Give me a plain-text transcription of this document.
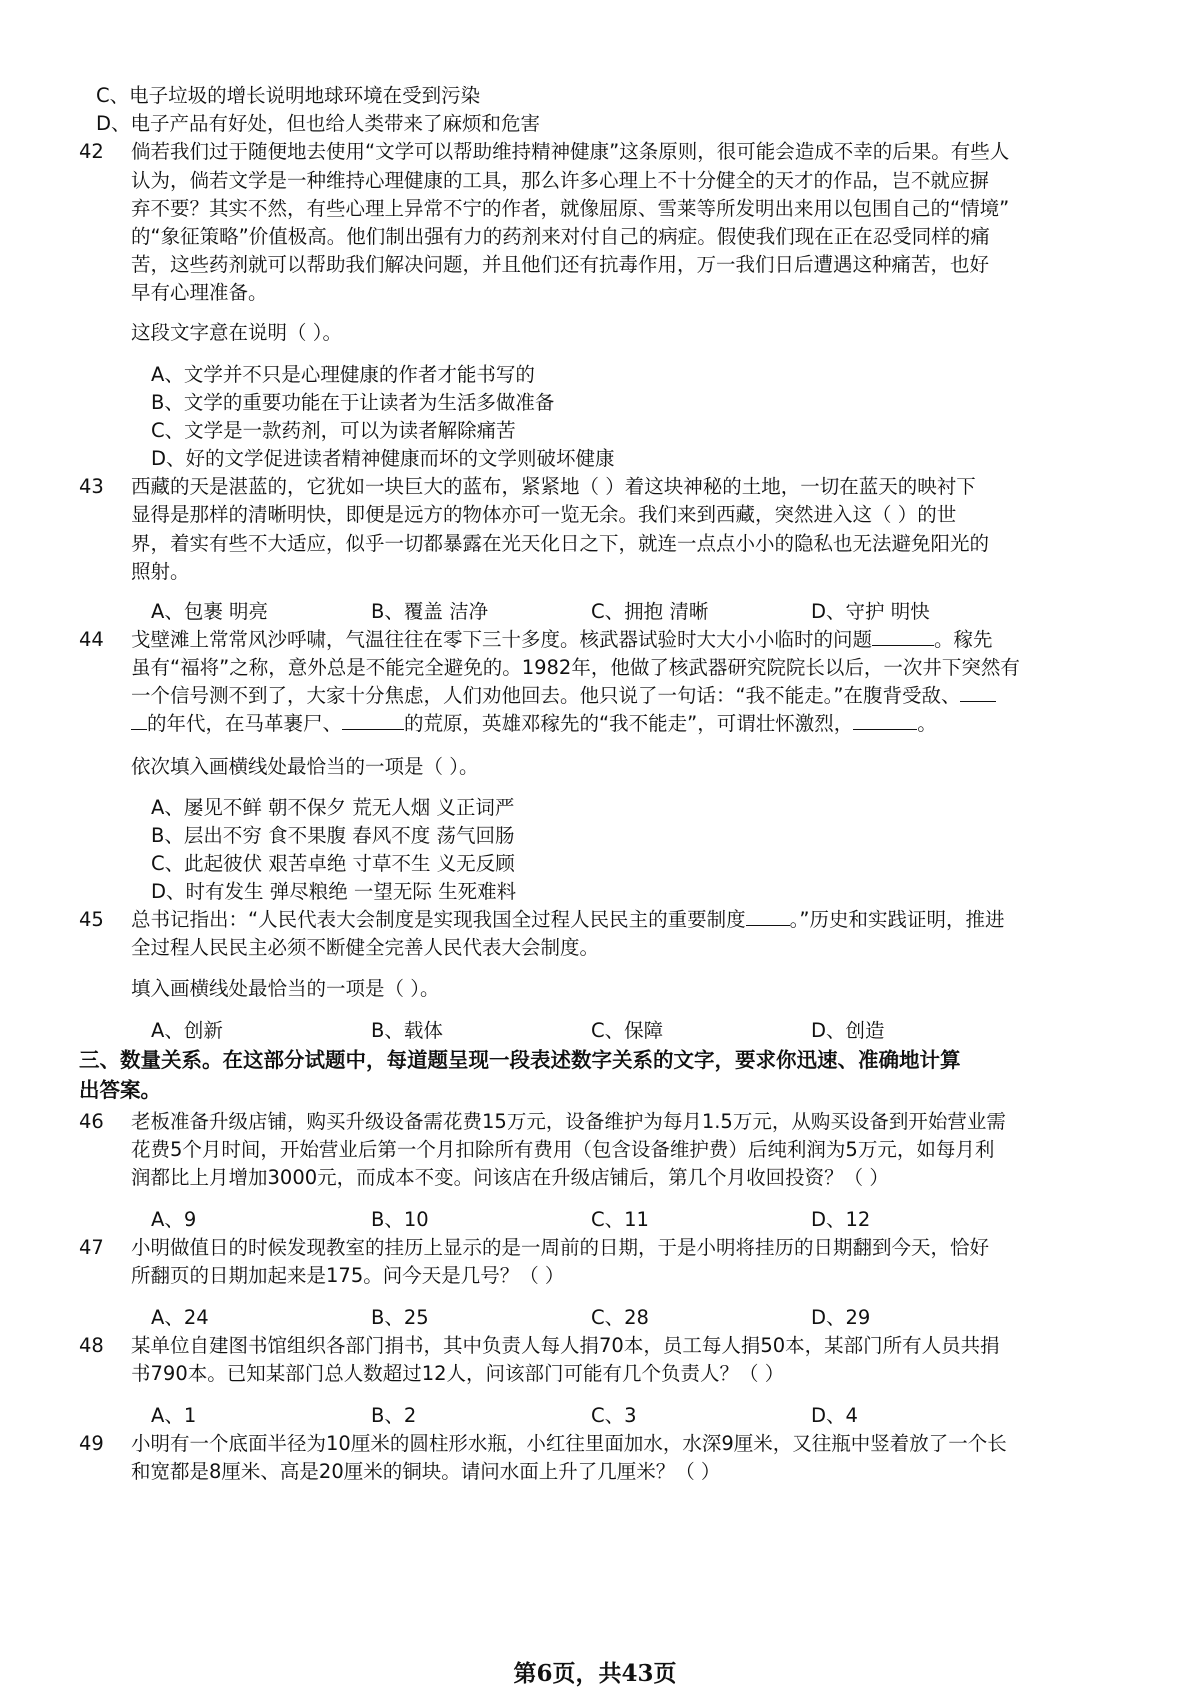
C、电子垃圾的增长说明地球环境在受到污染
D、电子产品有好处，但也给人类带来了麻烦和危害
42 倘若我们过于随便地去使用“文学可以帮助维持精神健康”这条原则，很可能会造成不幸的后果。有些人
认为，倘若文学是一种维持心理健康的工具，那么许多心理上不十分健全的天才的作品，岂不就应摒
弃不要？其实不然，有些心理上异常不宁的作者，就像屈原、雪莱等所发明出来用以包围自己的“情境”
的“象征策略”价值极高。他们制出强有力的药剂来对付自己的病症。假使我们现在正在忍受同样的痛
苦，这些药剂就可以帮助我们解决问题，并且他们还有抗毒作用，万一我们日后遭遇这种痛苦，也好
早有心理准备。
这段文字意在说明（ ）。
A、文学并不只是心理健康的作者才能书写的
B、文学的重要功能在于让读者为生活多做准备
C、文学是一款药剂，可以为读者解除痛苦
D、好的文学促进读者精神健康而坏的文学则破坏健康
43 西藏的天是湛蓝的，它犹如一块巨大的蓝布，紧紧地（ ）着这块神秘的土地，一切在蓝天的映衬下
显得是那样的清晰明快，即便是远方的物体亦可一览无余。我们来到西藏，突然进入这（ ）的世
界，着实有些不大适应，似乎一切都暴露在光天化日之下，就连一点点小小的隐私也无法避免阳光的
照射。
A、包裹 明亮	B、覆盖 洁净	C、拥抱 清晰	D、守护 明快
44 戈壁滩上常常风沙呼啸，气温往往在零下三十多度。核武器试验时大大小小临时的问题	。稼先
虽有“福将”之称，意外总是不能完全避免的。1982年，他做了核武器研究院院长以后，一次井下突然有
一个信号测不到了，大家十分焦虑，人们劝他回去。他只说了一句话：“我不能走。”在腹背受敌、
的年代，在马革裹尸、	的荒原，英雄邓稼先的“我不能走”，可谓壮怀激烈，	。
依次填入画横线处最恰当的一项是（ ）。
A、屡见不鲜 朝不保夕 荒无人烟 义正词严
B、层出不穷 食不果腹 春风不度 荡气回肠
C、此起彼伏 艰苦卓绝 寸草不生 义无反顾
D、时有发生 弹尽粮绝 一望无际 生死难料
45 总书记指出：“人民代表大会制度是实现我国全过程人民民主的重要制度 。”历史和实践证明，推进
全过程人民民主必须不断健全完善人民代表大会制度。
填入画横线处最恰当的一项是（ ）。
A、创新	B、载体	C、保障	D、创造
三、数量关系。在这部分试题中，每道题呈现一段表述数字关系的文字，要求你迅速、准确地计算
出答案。
46 老板准备升级店铺，购买升级设备需花费15万元，设备维护为每月1.5万元，从购买设备到开始营业需
花费5个月时间，开始营业后第一个月扣除所有费用（包含设备维护费）后纯利润为5万元，如每月利
润都比上月增加3000元，而成本不变。问该店在升级店铺后，第几个月收回投资？（ ）
A、9	B、10	C、11	D、12
47 小明做值日的时候发现教室的挂历上显示的是一周前的日期，于是小明将挂历的日期翻到今天，恰好
所翻页的日期加起来是175。问今天是几号？（ ）
A、24	B、25	C、28	D、29
48 某单位自建图书馆组织各部门捐书，其中负责人每人捐70本，员工每人捐50本，某部门所有人员共捐
书790本。已知某部门总人数超过12人，问该部门可能有几个负责人？（ ）
A、1	B、2	C、3	D、4
49 小明有一个底面半径为10厘米的圆柱形水瓶，小红往里面加水，水深9厘米，又往瓶中竖着放了一个长
和宽都是8厘米、高是20厘米的铜块。请问水面上升了几厘米？（ ）
第6页，共43页
